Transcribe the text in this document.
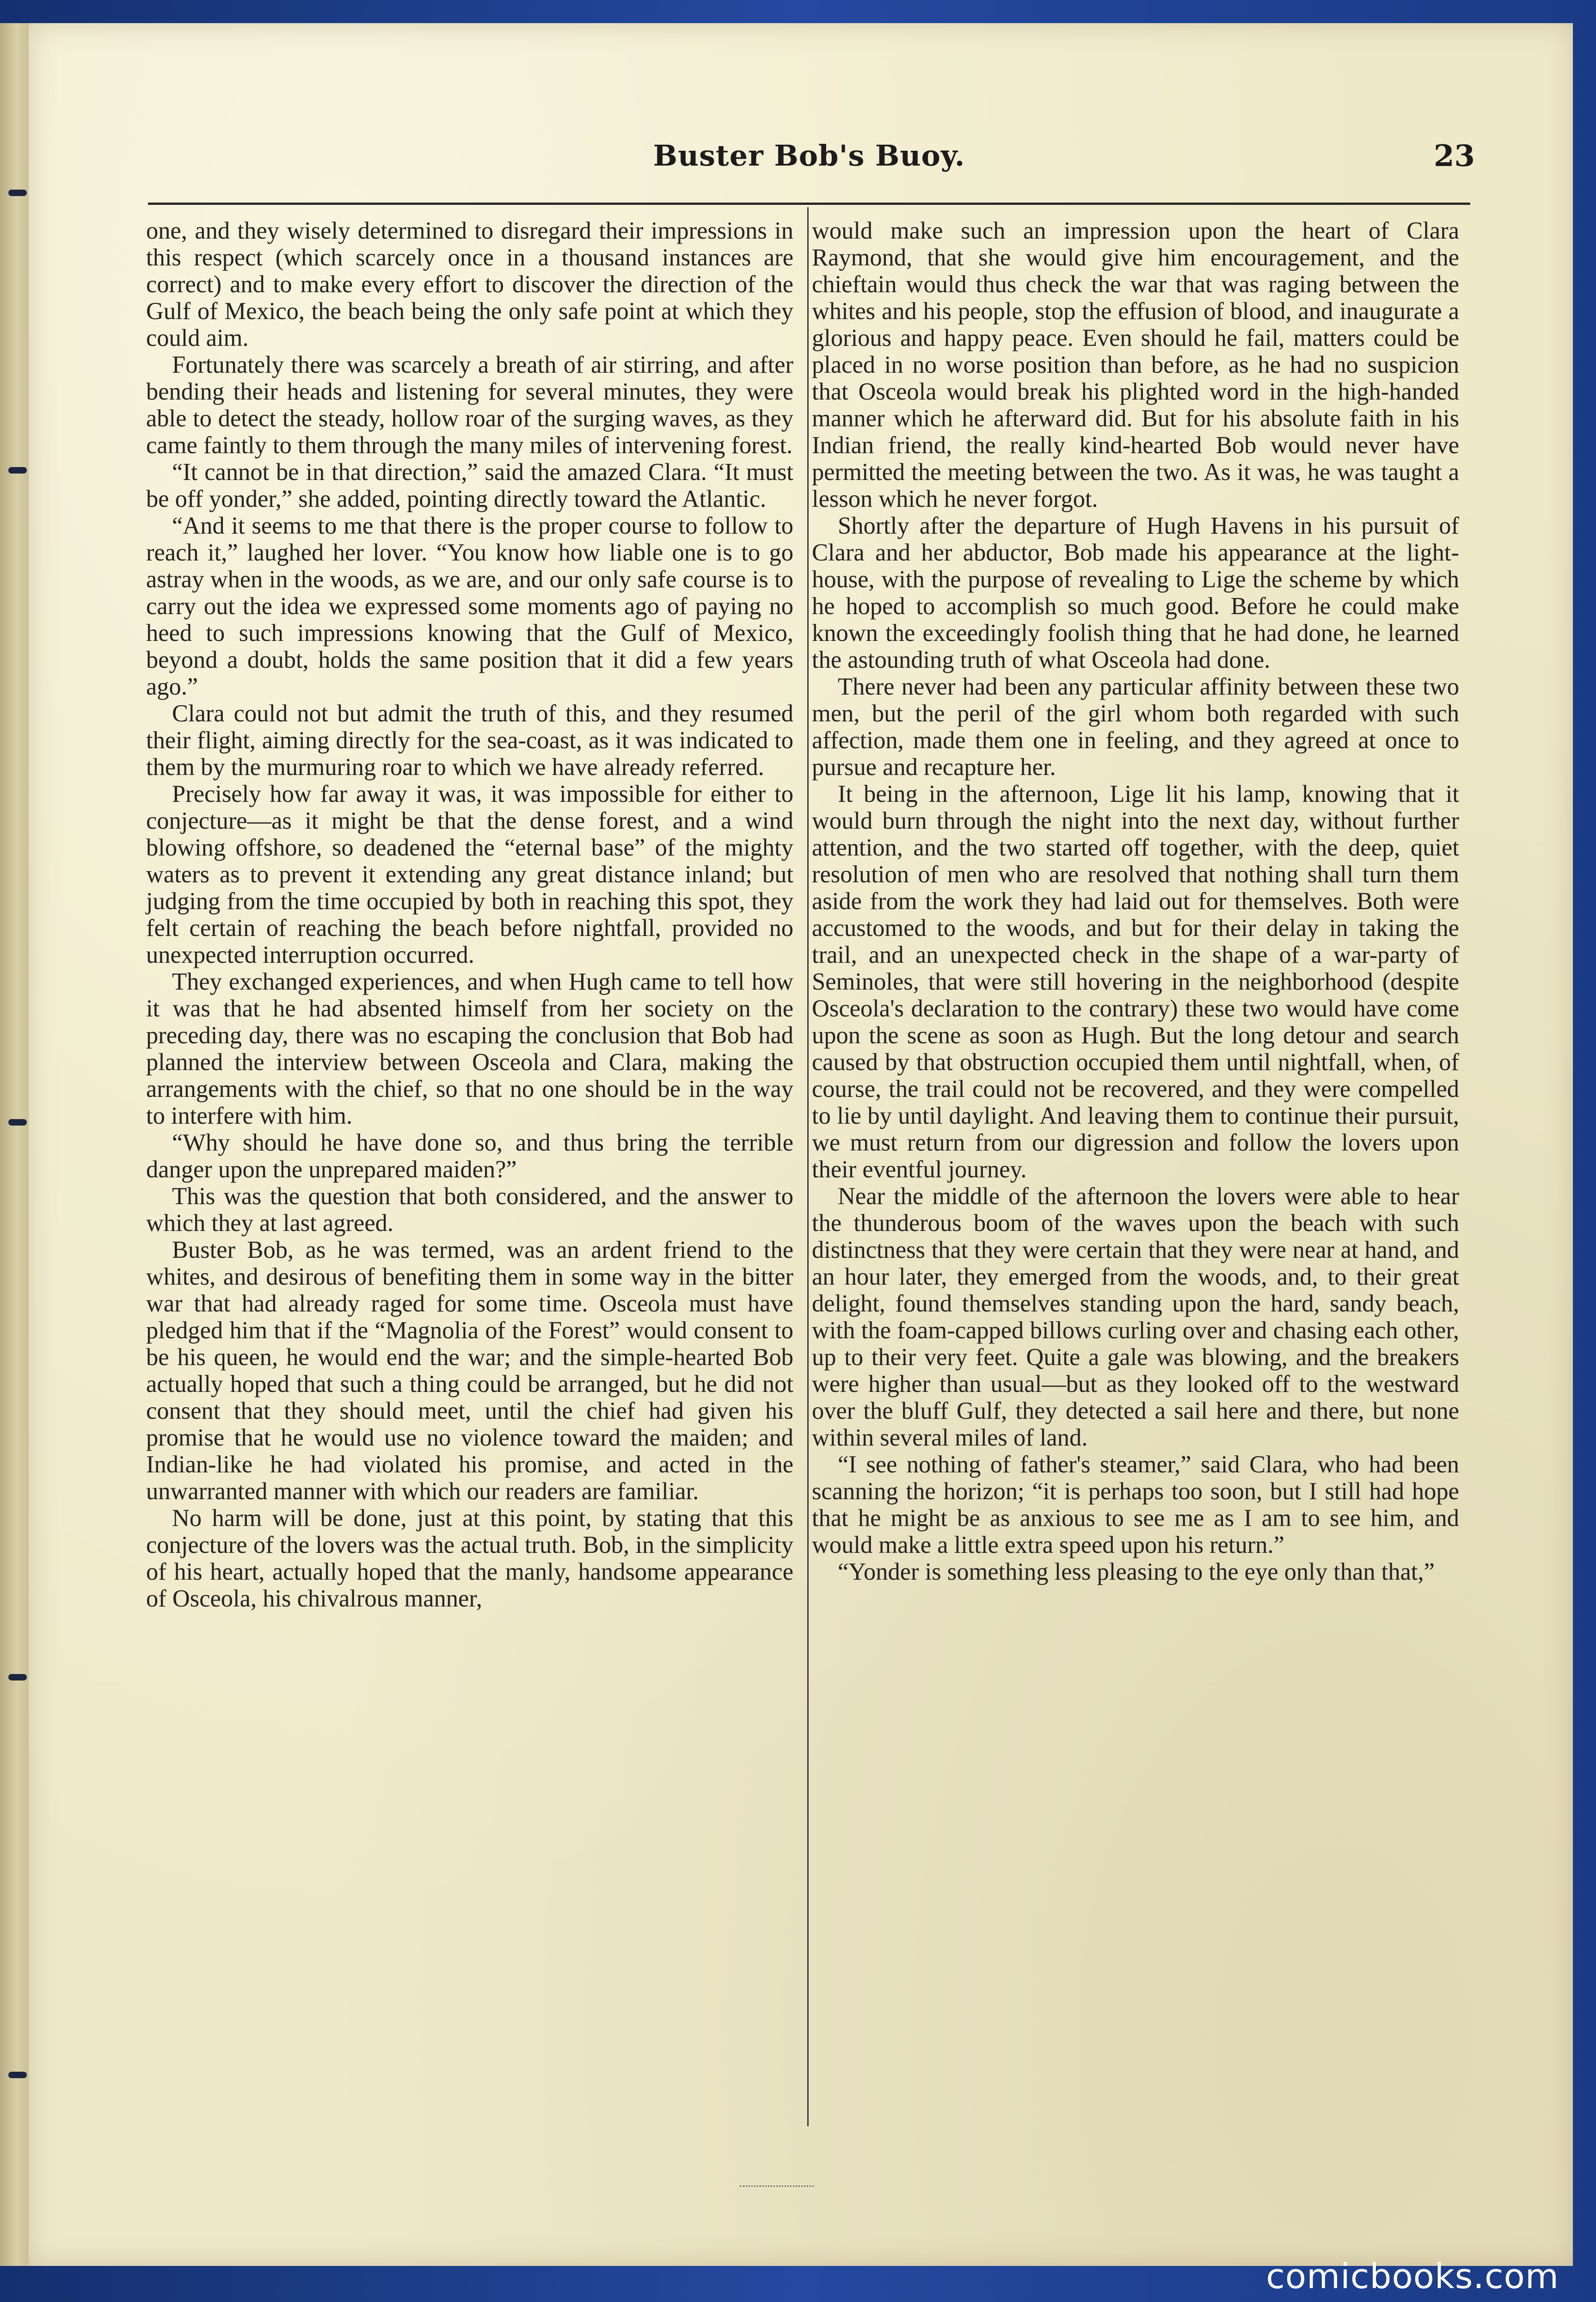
Buster Bob's Buoy.	23

one, and they wisely determined to disregard their impressions in this respect (which scarcely once in a thousand instances are correct) and to make every effort to discover the direction of the Gulf of Mexico, the beach being the only safe point at which they could aim.

Fortunately there was scarcely a breath of air stirring, and after bending their heads and listening for several minutes, they were able to detect the steady, hollow roar of the surging waves, as they came faintly to them through the many miles of intervening forest.

“It cannot be in that direction,” said the amazed Clara. “It must be off yonder,” she added, pointing directly toward the Atlantic.

“And it seems to me that there is the proper course to follow to reach it,” laughed her lover. “You know how liable one is to go astray when in the woods, as we are, and our only safe course is to carry out the idea we expressed some moments ago of paying no heed to such impressions knowing that the Gulf of Mexico, beyond a doubt, holds the same position that it did a few years ago.”

Clara could not but admit the truth of this, and they resumed their flight, aiming directly for the sea-coast, as it was indicated to them by the murmuring roar to which we have already referred.

Precisely how far away it was, it was impossible for either to conjecture—as it might be that the dense forest, and a wind blowing offshore, so deadened the “eternal base” of the mighty waters as to prevent it extending any great distance inland; but judging from the time occupied by both in reaching this spot, they felt certain of reaching the beach before nightfall, provided no unexpected interruption occurred.

They exchanged experiences, and when Hugh came to tell how it was that he had absented himself from her society on the preceding day, there was no escaping the conclusion that Bob had planned the interview between Osceola and Clara, making the arrangements with the chief, so that no one should be in the way to interfere with him.

“Why should he have done so, and thus bring the terrible danger upon the unprepared maiden?”

This was the question that both considered, and the answer to which they at last agreed.

Buster Bob, as he was termed, was an ardent friend to the whites, and desirous of benefiting them in some way in the bitter war that had already raged for some time. Osceola must have pledged him that if the “Magnolia of the Forest” would consent to be his queen, he would end the war; and the simple-hearted Bob actually hoped that such a thing could be arranged, but he did not consent that they should meet, until the chief had given his promise that he would use no violence toward the maiden; and Indian-like he had violated his promise, and acted in the unwarranted manner with which our readers are familiar.

No harm will be done, just at this point, by stating that this conjecture of the lovers was the actual truth. Bob, in the simplicity of his heart, actually hoped that the manly, handsome appearance of Osceola, his chivalrous manner,

would make such an impression upon the heart of Clara Raymond, that she would give him encouragement, and the chieftain would thus check the war that was raging between the whites and his people, stop the effusion of blood, and inaugurate a glorious and happy peace. Even should he fail, matters could be placed in no worse position than before, as he had no suspicion that Osceola would break his plighted word in the high-handed manner which he afterward did. But for his absolute faith in his Indian friend, the really kind-hearted Bob would never have permitted the meeting between the two. As it was, he was taught a lesson which he never forgot.

Shortly after the departure of Hugh Havens in his pursuit of Clara and her abductor, Bob made his appearance at the light-house, with the purpose of revealing to Lige the scheme by which he hoped to accomplish so much good. Before he could make known the exceedingly foolish thing that he had done, he learned the astounding truth of what Osceola had done.

There never had been any particular affinity between these two men, but the peril of the girl whom both regarded with such affection, made them one in feeling, and they agreed at once to pursue and recapture her.

It being in the afternoon, Lige lit his lamp, knowing that it would burn through the night into the next day, without further attention, and the two started off together, with the deep, quiet resolution of men who are resolved that nothing shall turn them aside from the work they had laid out for themselves. Both were accustomed to the woods, and but for their delay in taking the trail, and an unexpected check in the shape of a war-party of Seminoles, that were still hovering in the neighborhood (despite Osceola's declaration to the contrary) these two would have come upon the scene as soon as Hugh. But the long detour and search caused by that obstruction occupied them until nightfall, when, of course, the trail could not be recovered, and they were compelled to lie by until daylight. And leaving them to continue their pursuit, we must return from our digression and follow the lovers upon their eventful journey.

Near the middle of the afternoon the lovers were able to hear the thunderous boom of the waves upon the beach with such distinctness that they were certain that they were near at hand, and an hour later, they emerged from the woods, and, to their great delight, found themselves standing upon the hard, sandy beach, with the foam-capped billows curling over and chasing each other, up to their very feet. Quite a gale was blowing, and the breakers were higher than usual—but as they looked off to the westward over the bluff Gulf, they detected a sail here and there, but none within several miles of land.

“I see nothing of father's steamer,” said Clara, who had been scanning the horizon; “it is perhaps too soon, but I still had hope that he might be as anxious to see me as I am to see him, and would make a little extra speed upon his return.”

“Yonder is something less pleasing to the eye only than that,”

comicbooks.com
